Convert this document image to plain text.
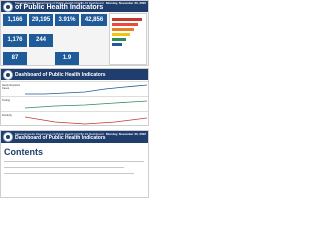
Massachusetts Department of Public Health COVID-19 Dashboard Monday, November 30, 2020
of Public Health Indicators
1,166	29,195	3.91%	42,856
1,176	244
87	1.9
Dashboard of Public Health Indicators
Newly Reported Cases
Testing
Positivity
Massachusetts Department of Public Health COVID-19 Dashboard Monday, November 30, 2020
Dashboard of Public Health Indicators
Contents
